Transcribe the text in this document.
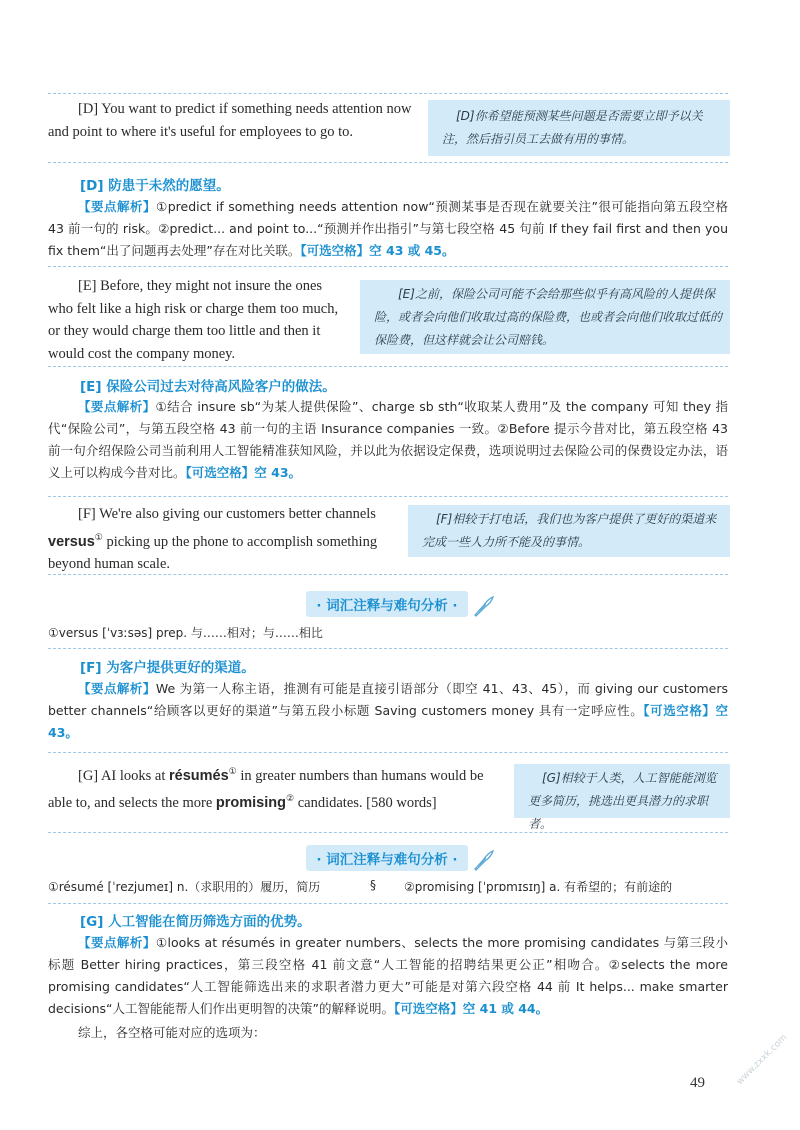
[D] You want to predict if something needs attention now and point to where it's useful for employees to go to.
[D]你希望能预测某些问题是否需要立即予以关注，然后指引员工去做有用的事情。
[D] 防患于未然的愿望。
【要点解析】①predict if something needs attention now“预测某事是否现在就要关注”很可能指向第五段空格 43 前一句的 risk。②predict... and point to...“预测并作出指引”与第七段空格 45 句前 If they fail first and then you fix them“出了问题再去处理”存在对比关联。【可选空格】空 43 或 45。
[E] Before, they might not insure the ones who felt like a high risk or charge them too much, or they would charge them too little and then it would cost the company money.
[E]之前，保险公司可能不会给那些似乎有高风险的人提供保险，或者会向他们收取过高的保险费，也或者会向他们收取过低的保险费，但这样就会让公司赔钱。
[E] 保险公司过去对待高风险客户的做法。
【要点解析】①结合 insure sb“为某人提供保险”、charge sb sth“收取某人费用”及 the company 可知 they 指代“保险公司”，与第五段空格 43 前一句的主语 Insurance companies 一致。②Before 提示今昔对比，第五段空格 43 前一句介绍保险公司当前利用人工智能精准获知风险，并以此为依据设定保费，选项说明过去保险公司的保费设定办法，语义上可以构成今昔对比。【可选空格】空 43。
[F] We're also giving our customers better channels versus① picking up the phone to accomplish something beyond human scale.
[F]相较于打电话，我们也为客户提供了更好的渠道来完成一些人力所不能及的事情。
· 词汇注释与难句分析 ·
①versus [ˈvɜːsəs] prep. 与……相对；与……相比
[F] 为客户提供更好的渠道。
【要点解析】We 为第一人称主语，推测有可能是直接引语部分（即空 41、43、45），而 giving our customers better channels“给顾客以更好的渠道”与第五段小标题 Saving customers money 具有一定呼应性。【可选空格】空 43。
[G] AI looks at résumés① in greater numbers than humans would be able to, and selects the more promising② candidates. [580 words]
[G]相较于人类，人工智能能浏览更多简历，挑选出更具潜力的求职者。
· 词汇注释与难句分析 ·
①résumé [ˈrezjumeɪ] n.（求职用的）履历，简历	§ ②promising [ˈprɒmɪsɪŋ] a. 有希望的；有前途的
[G] 人工智能在简历筛选方面的优势。
【要点解析】①looks at résumés in greater numbers、selects the more promising candidates 与第三段小标题 Better hiring practices，第三段空格 41 前文意“人工智能的招聘结果更公正”相吻合。②selects the more promising candidates“人工智能筛选出来的求职者潜力更大”可能是对第六段空格 44 前 It helps... make smarter decisions“人工智能能帮人们作出更明智的决策”的解释说明。【可选空格】空 41 或 44。
综上，各空格可能对应的选项为：
49	www.zxxk.com
